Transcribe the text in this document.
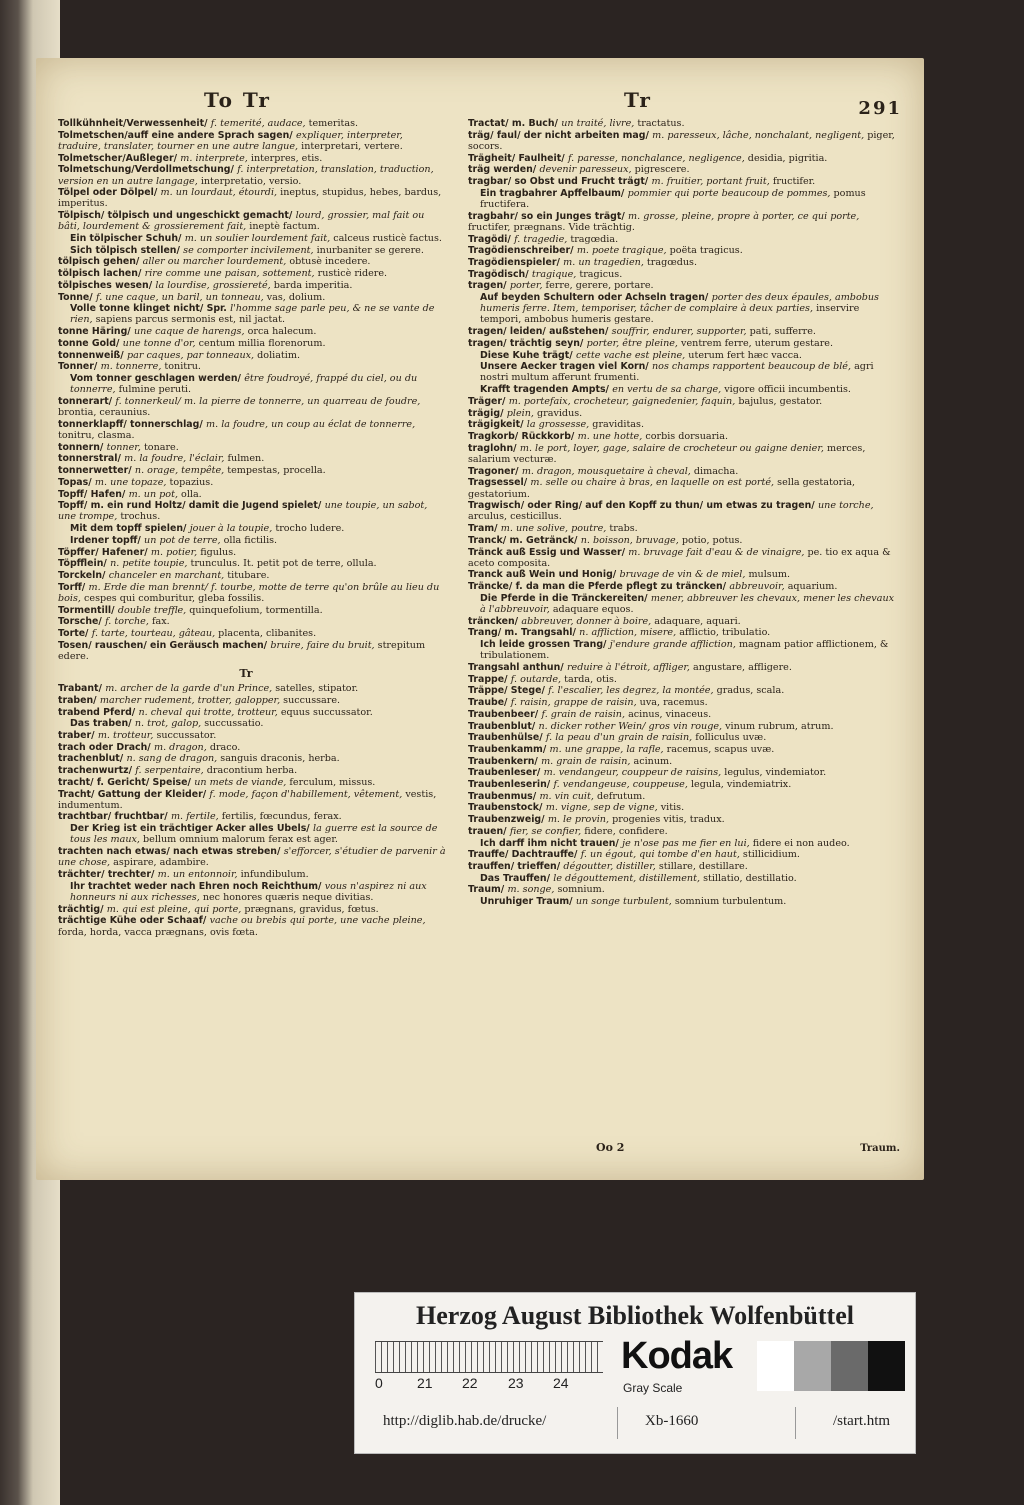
To Tr	Tr	291
Tollkühnheit/Verwessenheit/ f. temerité, audace, temeritas.
Tolmetschen/auff eine andere Sprach sagen/ expliquer, interpreter, traduire, translater, tourner en une autre langue, interpretari, vertere.
Tolmetscher/Außleger/ m. interprete, interpres, etis.
Tolmetschung/Verdollmetschung/ f. interpretation, translation, traduction, version en un autre langage, interpretatio, versio.
Tölpel oder Dölpel/ m. un lourdaut, étourdi, ineptus, stupidus, hebes, bardus, imperitus.
Tölpisch/ tölpisch und ungeschickt gemacht/ lourd, grossier, mal fait ou bâti, lourdement & grossierement fait, ineptè factum.
Ein tölpischer Schuh/ m. un soulier lourdement fait, calceus rusticè factus.
Sich tölpisch stellen/ se comporter incivilement, inurbaniter se gerere.
tölpisch gehen/ aller ou marcher lourdement, obtusè incedere.
tölpisch lachen/ rire comme une paisan, sottement, rusticè ridere.
tölpisches wesen/ la lourdise, grossiereté, barda imperitia.
Tonne/ f. une caque, un baril, un tonneau, vas, dolium.
Volle tonne klinget nicht/ Spr. l'homme sage parle peu, & ne se vante de rien, sapiens parcus sermonis est, nil jactat.
tonne Häring/ une caque de harengs, orca halecum.
tonne Gold/ une tonne d'or, centum millia florenorum.
tonnenweiß/ par caques, par tonneaux, doliatim.
Tonner/ m. tonnerre, tonitru.
Vom tonner geschlagen werden/ être foudroyé, frappé du ciel, ou du tonnerre, fulmine peruti.
tonnerart/ f. tonnerkeul/ m. la pierre de tonnerre, un quarreau de foudre, brontia, ceraunius.
tonnerklapff/ tonnerschlag/ m. la foudre, un coup au éclat de tonnerre, tonitru, clasma.
tonnern/ tonner, tonare.
tonnerstral/ m. la foudre, l'éclair, fulmen.
tonnerwetter/ n. orage, tempête, tempestas, procella.
Topas/ m. une topaze, topazius.
Topff/ Hafen/ m. un pot, olla.
Topff/ m. ein rund Holtz/ damit die Jugend spielet/ une toupie, un sabot, une trompe, trochus.
Mit dem topff spielen/ jouer à la toupie, trocho ludere.
Irdener topff/ un pot de terre, olla fictilis.
Töpffer/ Hafener/ m. potier, figulus.
Töpfflein/ n. petite toupie, trunculus. It. petit pot de terre, ollula.
Torckeln/ chanceler en marchant, titubare.
Torff/ m. Erde die man brennt/ f. tourbe, motte de terre qu'on brûle au lieu du bois, cespes qui comburitur, gleba fossilis.
Tormentill/ double treffle, quinquefolium, tormentilla.
Torsche/ f. torche, fax.
Torte/ f. tarte, tourteau, gâteau, placenta, clibanites.
Tosen/ rauschen/ ein Geräusch machen/ bruire, faire du bruit, strepitum edere.
Tr
Trabant/ m. archer de la garde d'un Prince, satelles, stipator.
traben/ marcher rudement, trotter, galopper, succussare.
trabend Pferd/ n. cheval qui trotte, trotteur, equus succussator.
Das traben/ n. trot, galop, succussatio.
traber/ m. trotteur, succussator.
trach oder Drach/ m. dragon, draco.
trachenblut/ n. sang de dragon, sanguis draconis, herba.
trachenwurtz/ f. serpentaire, dracontium herba.
tracht/ f. Gericht/ Speise/ un mets de viande, ferculum, missus.
Tracht/ Gattung der Kleider/ f. mode, façon d'habillement, vêtement, vestis, indumentum.
trachtbar/ fruchtbar/ m. fertile, fertilis, fœcundus, ferax.
Der Krieg ist ein trächtiger Acker alles Ubels/ la guerre est la source de tous les maux, bellum omnium malorum ferax est ager.
trachten nach etwas/ nach etwas streben/ s'efforcer, s'étudier de parvenir à une chose, aspirare, adambire.
trächter/ trechter/ m. un entonnoir, infundibulum.
Ihr trachtet weder nach Ehren noch Reichthum/ vous n'aspirez ni aux honneurs ni aux richesses, nec honores quæris neque divitias.
trächtig/ m. qui est pleine, qui porte, prægnans, gravidus, fœtus.
trächtige Kühe oder Schaaf/ vache ou brebis qui porte, une vache pleine, forda, horda, vacca prægnans, ovis fœta.
Tractat/ m. Buch/ un traité, livre, tractatus.
träg/ faul/ der nicht arbeiten mag/ m. paresseux, lâche, nonchalant, negligent, piger, socors.
Trägheit/ Faulheit/ f. paresse, nonchalance, negligence, desidia, pigritia.
träg werden/ devenir paresseux, pigrescere.
tragbar/ so Obst und Frucht trägt/ m. fruitier, portant fruit, fructifer.
Ein tragbahrer Apffelbaum/ pommier qui porte beaucoup de pommes, pomus fructifera.
tragbahr/ so ein Junges trägt/ m. grosse, pleine, propre à porter, ce qui porte, fructifer, prægnans. Vide trächtig.
Tragödi/ f. tragedie, tragœdia.
Tragödienschreiber/ m. poete tragique, poëta tragicus.
Tragödienspieler/ m. un tragedien, tragœdus.
Tragödisch/ tragique, tragicus.
tragen/ porter, ferre, gerere, portare.
Auf beyden Schultern oder Achseln tragen/ porter des deux épaules, ambobus humeris ferre. Item, temporiser, tâcher de complaire à deux parties, inservire tempori, ambobus humeris gestare.
tragen/ leiden/ außstehen/ souffrir, endurer, supporter, pati, sufferre.
tragen/ trächtig seyn/ porter, être pleine, ventrem ferre, uterum gestare.
Diese Kuhe trägt/ cette vache est pleine, uterum fert hæc vacca.
Unsere Aecker tragen viel Korn/ nos champs rapportent beaucoup de blé, agri nostri multum afferunt frumenti.
Krafft tragenden Ampts/ en vertu de sa charge, vigore officii incumbentis.
Träger/ m. portefaix, crocheteur, gaignedenier, faquin, bajulus, gestator.
trägig/ plein, gravidus.
trägigkeit/ la grossesse, graviditas.
Tragkorb/ Rückkorb/ m. une hotte, corbis dorsuaria.
traglohn/ m. le port, loyer, gage, salaire de crocheteur ou gaigne denier, merces, salarium vecturæ.
Tragoner/ m. dragon, mousquetaire à cheval, dimacha.
Tragsessel/ m. selle ou chaire à bras, en laquelle on est porté, sella gestatoria, gestatorium.
Tragwisch/ oder Ring/ auf den Kopff zu thun/ um etwas zu tragen/ une torche, arculus, cesticillus.
Tram/ m. une solive, poutre, trabs.
Tranck/ m. Getränck/ n. boisson, bruvage, potio, potus.
Tränck auß Essig und Wasser/ m. bruvage fait d'eau & de vinaigre, pe. tio ex aqua & aceto composita.
Tranck auß Wein und Honig/ bruvage de vin & de miel, mulsum.
Träncke/ f. da man die Pferde pflegt zu träncken/ abbreuvoir, aquarium.
Die Pferde in die Tränckereiten/ mener, abbreuver les chevaux, mener les chevaux à l'abbreuvoir, adaquare equos.
träncken/ abbreuver, donner à boire, adaquare, aquari.
Trang/ m. Trangsahl/ n. affliction, misere, afflictio, tribulatio.
Ich leide grossen Trang/ j'endure grande affliction, magnam patior afflictionem, & tribulationem.
Trangsahl anthun/ reduire à l'étroit, affliger, angustare, affligere.
Trappe/ f. outarde, tarda, otis.
Träppe/ Stege/ f. l'escalier, les degrez, la montée, gradus, scala.
Traube/ f. raisin, grappe de raisin, uva, racemus.
Traubenbeer/ f. grain de raisin, acinus, vinaceus.
Traubenblut/ n. dicker rother Wein/ gros vin rouge, vinum rubrum, atrum.
Traubenhülse/ f. la peau d'un grain de raisin, folliculus uvæ.
Traubenkamm/ m. une grappe, la rafle, racemus, scapus uvæ.
Traubenkern/ m. grain de raisin, acinum.
Traubenleser/ m. vendangeur, couppeur de raisins, legulus, vindemiator.
Traubenleserin/ f. vendangeuse, couppeuse, legula, vindemiatrix.
Traubenmus/ m. vin cuit, defrutum.
Traubenstock/ m. vigne, sep de vigne, vitis.
Traubenzweig/ m. le provin, progenies vitis, tradux.
trauen/ fier, se confier, fidere, confidere.
Ich darff ihm nicht trauen/ je n'ose pas me fier en lui, fidere ei non audeo.
Trauffe/ Dachtrauffe/ f. un égout, qui tombe d'en haut, stillicidium.
trauffen/ trieffen/ dégoutter, distiller, stillare, destillare.
Das Trauffen/ le dégouttement, distillement, stillatio, destillatio.
Traum/ m. songe, somnium.
Unruhiger Traum/ un songe turbulent, somnium turbulentum.
Oo 2	Traum.
Herzog August Bibliothek Wolfenbüttel
0 21 22 23 24
Kodak
Gray Scale
http://diglib.hab.de/drucke/	Xb-1660	/start.htm
